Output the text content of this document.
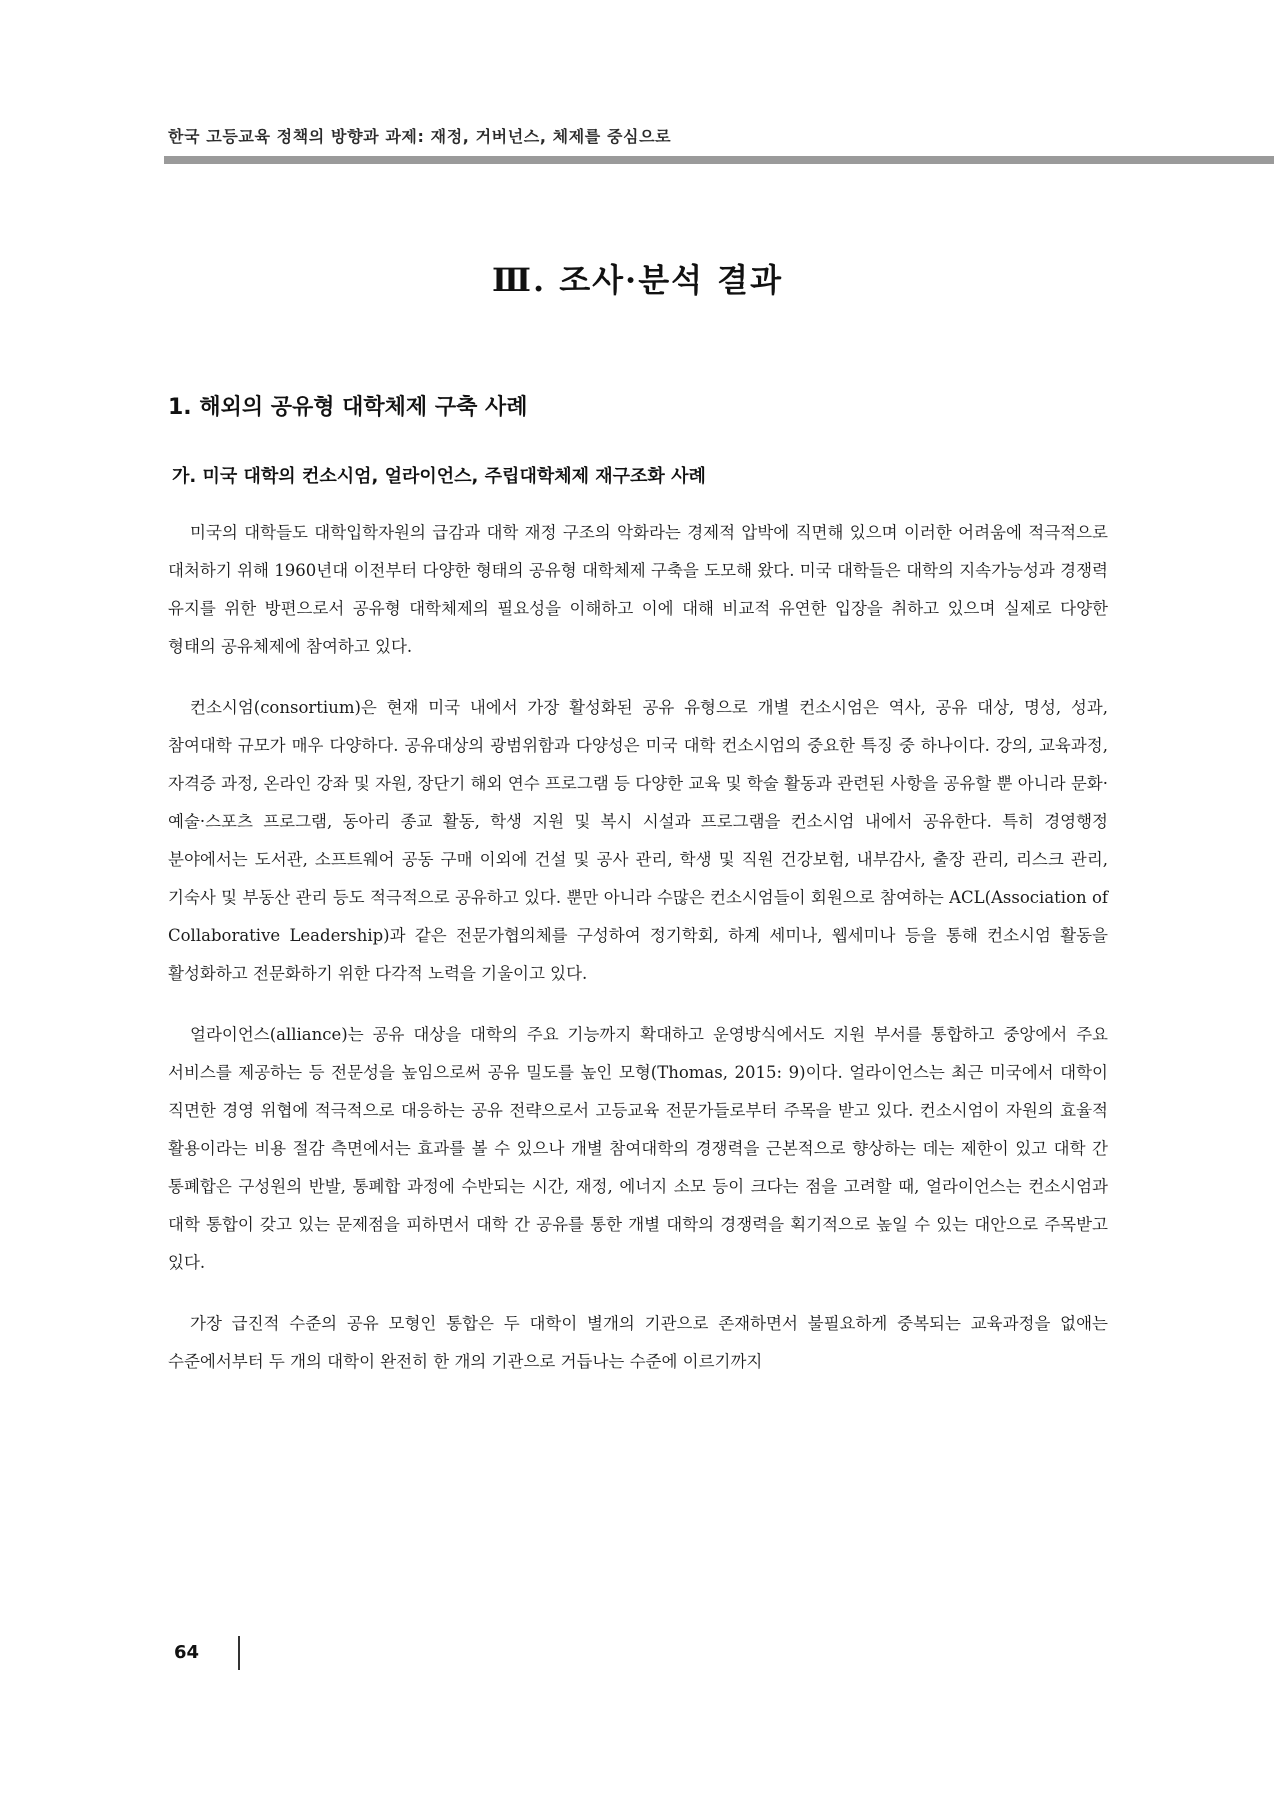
한국 고등교육 정책의 방향과 과제: 재정, 거버넌스, 체제를 중심으로
Ⅲ. 조사·분석 결과
1. 해외의 공유형 대학체제 구축 사례
가. 미국 대학의 컨소시엄, 얼라이언스, 주립대학체제 재구조화 사례

미국의 대학들도 대학입학자원의 급감과 대학 재정 구조의 악화라는 경제적 압박에 직면해 있으며 이러한 어려움에 적극적으로 대처하기 위해 1960년대 이전부터 다양한 형태의 공유형 대학체제 구축을 도모해 왔다. 미국 대학들은 대학의 지속가능성과 경쟁력 유지를 위한 방편으로서 공유형 대학체제의 필요성을 이해하고 이에 대해 비교적 유연한 입장을 취하고 있으며 실제로 다양한 형태의 공유체제에 참여하고 있다.

컨소시엄(consortium)은 현재 미국 내에서 가장 활성화된 공유 유형으로 개별 컨소시엄은 역사, 공유 대상, 명성, 성과, 참여대학 규모가 매우 다양하다. 공유대상의 광범위함과 다양성은 미국 대학 컨소시엄의 중요한 특징 중 하나이다. 강의, 교육과정, 자격증 과정, 온라인 강좌 및 자원, 장단기 해외 연수 프로그램 등 다양한 교육 및 학술 활동과 관련된 사항을 공유할 뿐 아니라 문화·예술·스포츠 프로그램, 동아리 종교 활동, 학생 지원 및 복시 시설과 프로그램을 컨소시엄 내에서 공유한다. 특히 경영행정 분야에서는 도서관, 소프트웨어 공동 구매 이외에 건설 및 공사 관리, 학생 및 직원 건강보험, 내부감사, 출장 관리, 리스크 관리, 기숙사 및 부동산 관리 등도 적극적으로 공유하고 있다. 뿐만 아니라 수많은 컨소시엄들이 회원으로 참여하는 ACL(Association of Collaborative Leadership)과 같은 전문가협의체를 구성하여 정기학회, 하계 세미나, 웹세미나 등을 통해 컨소시엄 활동을 활성화하고 전문화하기 위한 다각적 노력을 기울이고 있다.

얼라이언스(alliance)는 공유 대상을 대학의 주요 기능까지 확대하고 운영방식에서도 지원 부서를 통합하고 중앙에서 주요 서비스를 제공하는 등 전문성을 높임으로써 공유 밀도를 높인 모형(Thomas, 2015: 9)이다. 얼라이언스는 최근 미국에서 대학이 직면한 경영 위협에 적극적으로 대응하는 공유 전략으로서 고등교육 전문가들로부터 주목을 받고 있다. 컨소시엄이 자원의 효율적 활용이라는 비용 절감 측면에서는 효과를 볼 수 있으나 개별 참여대학의 경쟁력을 근본적으로 향상하는 데는 제한이 있고 대학 간 통폐합은 구성원의 반발, 통폐합 과정에 수반되는 시간, 재정, 에너지 소모 등이 크다는 점을 고려할 때, 얼라이언스는 컨소시엄과 대학 통합이 갖고 있는 문제점을 피하면서 대학 간 공유를 통한 개별 대학의 경쟁력을 획기적으로 높일 수 있는 대안으로 주목받고 있다.

가장 급진적 수준의 공유 모형인 통합은 두 대학이 별개의 기관으로 존재하면서 불필요하게 중복되는 교육과정을 없애는 수준에서부터 두 개의 대학이 완전히 한 개의 기관으로 거듭나는 수준에 이르기까지

64
